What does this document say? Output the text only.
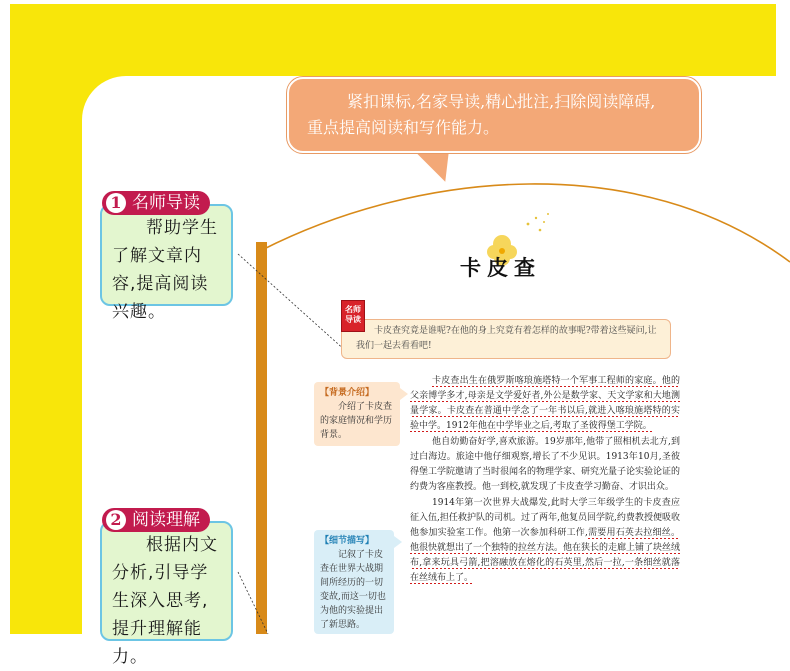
紧扣课标,名家导读,精心批注,扫除阅读障碍,
重点提高阅读和写作能力。
帮助学生了解文章内容,提高阅读兴趣。
1 名师导读
根据内文分析,引导学生深入思考,提升理解能力。
2 阅读理解
卡皮查
卡皮查究竟是谁呢?在他的身上究竟有着怎样的故事呢?带着这些疑问,让我们一起去看看吧!
名师导读

【背景介绍】
介绍了卡皮查的家庭情况和学历背景。
【细节描写】
记叙了卡皮查在世界大战期间所经历的一切变故,而这一切也为他的实验提出了新思路。
卡皮查出生在俄罗斯喀琅施塔特一个军事工程师的家庭。他的父亲博学多才,母亲是文学爱好者,外公是数学家、天文学家和大地测量学家。卡皮查在普通中学念了一年书以后,就进入喀琅施塔特的实验中学。1912年他在中学毕业之后,考取了圣彼得堡工学院。
他自幼勤奋好学,喜欢旅游。19岁那年,他带了照相机去北方,到过白海边。旅途中他仔细观察,增长了不少见识。1913年10月,圣彼得堡工学院邀请了当时很闻名的物理学家、研究光量子论实验论证的约费为客座教授。他一到校,就发现了卡皮查学习勤奋、才识出众。
1914年第一次世界大战爆发,此时大学三年级学生的卡皮查应征入伍,担任救护队的司机。过了两年,他复员回学院,约费教授便吸收他参加实验室工作。他第一次参加科研工作,需要用石英去拉细丝。他很快就想出了一个独特的拉丝方法。他在狭长的走廊上铺了块丝绒布,拿来玩具弓箭,把溶融放在熔化的石英里,然后一拉,一条细丝就落在丝绒布上了。
